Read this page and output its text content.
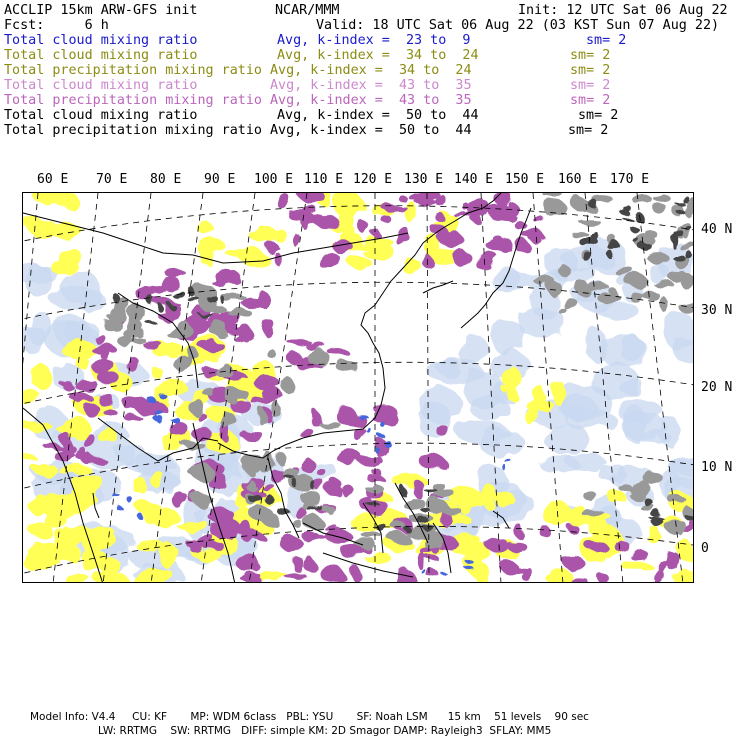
ACCLIP 15km ARW-GFS init	NCAR/MMM	Init: 12 UTC Sat 06 Aug 22
Fcst:     6 h	Valid: 18 UTC Sat 06 Aug 22 (03 KST Sun 07 Aug 22)
Total cloud mixing ratio	Avg, k-index =  23 to  9	sm= 2
Total cloud mixing ratio	Avg, k-index =  34 to  24	sm= 2
Total precipitation mixing ratio Avg, k-index =  34 to  24	sm= 2
Total cloud mixing ratio	Avg, k-index =  43 to  35	sm= 2
Total precipitation mixing ratio Avg, k-index =  43 to  35	sm= 2
Total cloud mixing ratio	Avg, k-index =  50 to  44	sm= 2
Total precipitation mixing ratio Avg, k-index =  50 to  44	sm= 2
60 E 70 E 80 E 90 E 100 E 110 E 120 E 130 E 140 E 150 E 160 E 170 E
40 N
30 N
20 N
10 N
0
Model Info: V4.4     CU: KF       MP: WDM 6class   PBL: YSU       SF: Noah LSM      15 km    51 levels    90 sec
LW: RRTMG    SW: RRTMG   DIFF: simple KM: 2D Smagor DAMP: Rayleigh3  SFLAY: MM5
